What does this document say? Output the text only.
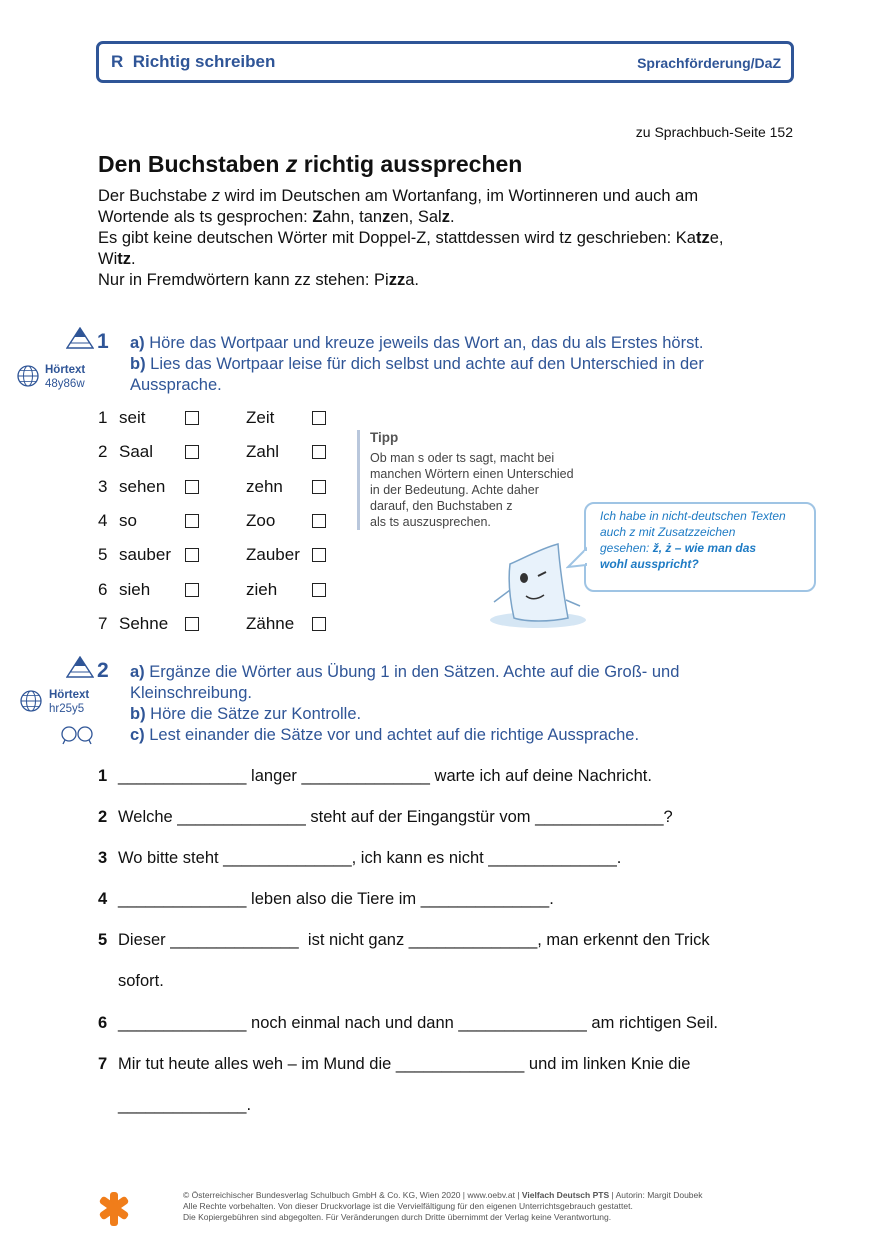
R  Richtig schreiben	Sprachförderung/DaZ
zu Sprachbuch-Seite 152
Den Buchstaben z richtig aussprechen
Der Buchstabe z wird im Deutschen am Wortanfang, im Wortinneren und auch am
Wortende als ts gesprochen: Zahn, tanzen, Salz.
Es gibt keine deutschen Wörter mit Doppel-Z, stattdessen wird tz geschrieben: Katze,
Witz.
Nur in Fremdwörtern kann zz stehen: Pizza.
1
Hörtext
48y86w
a) Höre das Wortpaar und kreuze jeweils das Wort an, das du als Erstes hörst.
b) Lies das Wortpaar leise für dich selbst und achte auf den Unterschied in der
Aussprache.
1 seit	Zeit
2 Saal	Zahl
3 sehen	zehn
4 so	Zoo
5 sauber	Zauber
6 sieh	zieh
7 Sehne	Zähne
Tipp
Ob man s oder ts sagt, macht bei
manchen Wörtern einen Unterschied
in der Bedeutung. Achte daher
darauf, den Buchstaben z
als ts auszusprechen.	Ich habe in nicht-deutschen Texten
auch z mit Zusatzzeichen
gesehen: ž, ż – wie man das
wohl ausspricht?
2
Hörtext
hr25y5
a) Ergänze die Wörter aus Übung 1 in den Sätzen. Achte auf die Groß- und
Kleinschreibung.
b) Höre die Sätze zur Kontrolle.
c) Lest einander die Sätze vor und achtet auf die richtige Aussprache.
1 ______________ langer ______________ warte ich auf deine Nachricht.
2 Welche ______________ steht auf der Eingangstür vom ______________?
3 Wo bitte steht ______________, ich kann es nicht ______________.
4 ______________ leben also die Tiere im ______________.
5 Dieser ______________  ist nicht ganz ______________, man erkennt den Trick
sofort.
6 ______________ noch einmal nach und dann ______________ am richtigen Seil.
7 Mir tut heute alles weh – im Mund die ______________ und im linken Knie die
______________.
© Österreichischer Bundesverlag Schulbuch GmbH & Co. KG, Wien 2020 | www.oebv.at | Vielfach Deutsch PTS | Autorin: Margit Doubek
Alle Rechte vorbehalten. Von dieser Druckvorlage ist die Vervielfältigung für den eigenen Unterrichtsgebrauch gestattet.
Die Kopiergebühren sind abgegolten. Für Veränderungen durch Dritte übernimmt der Verlag keine Verantwortung.
